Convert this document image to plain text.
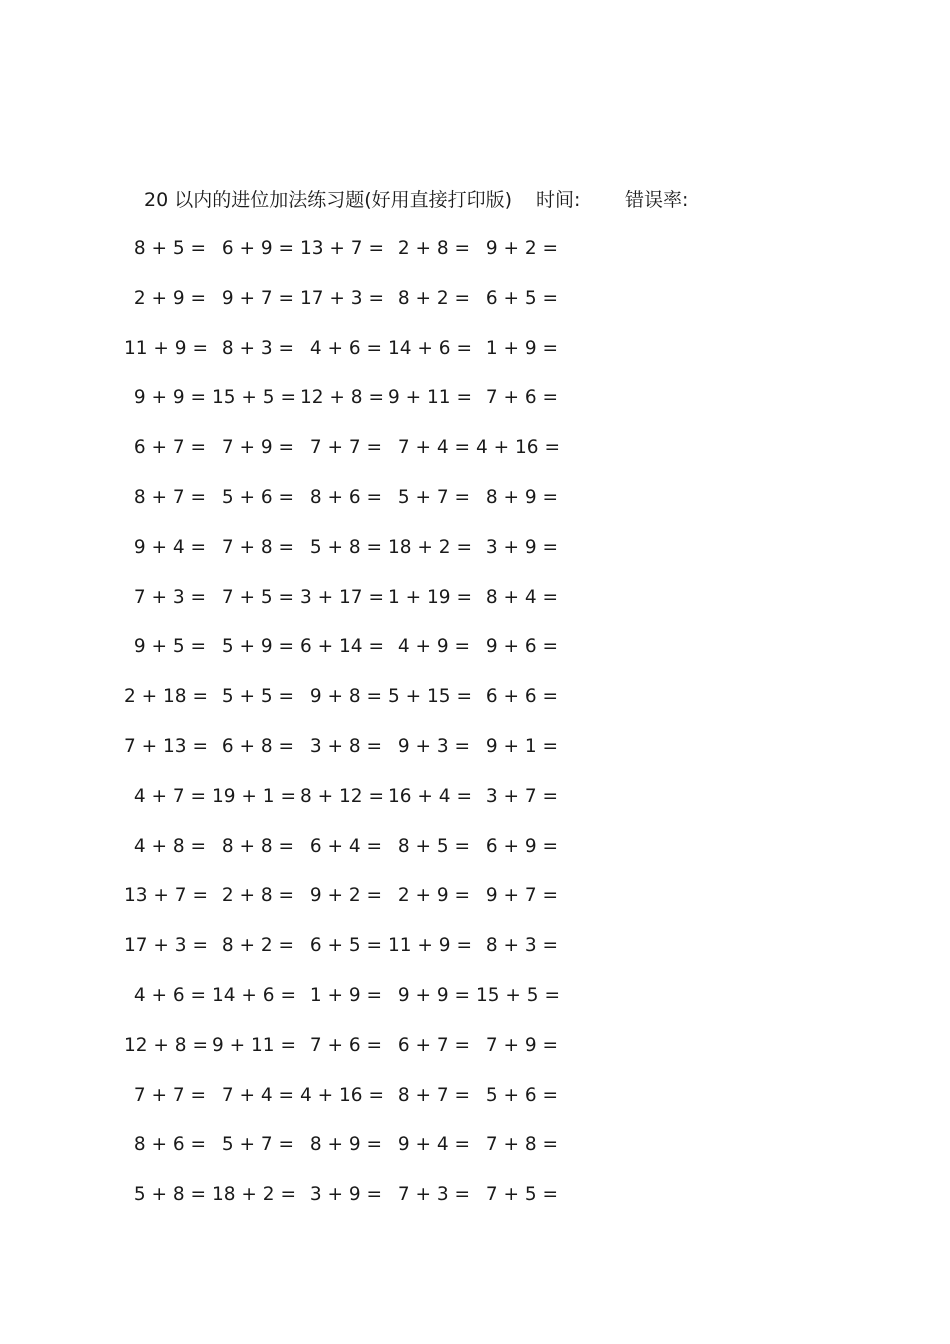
20 以内的进位加法练习题(好用直接打印版) 时间: 错误率:
8 + 5 = 6 + 9 = 13 + 7 = 2 + 8 = 9 + 2 =
2 + 9 = 9 + 7 = 17 + 3 = 8 + 2 = 6 + 5 =
11 + 9 = 8 + 3 = 4 + 6 = 14 + 6 = 1 + 9 =
9 + 9 = 15 + 5 = 12 + 8 = 9 + 11 = 7 + 6 =
6 + 7 = 7 + 9 = 7 + 7 = 7 + 4 = 4 + 16 =
8 + 7 = 5 + 6 = 8 + 6 = 5 + 7 = 8 + 9 =
9 + 4 = 7 + 8 = 5 + 8 = 18 + 2 = 3 + 9 =
7 + 3 = 7 + 5 = 3 + 17 = 1 + 19 = 8 + 4 =
9 + 5 = 5 + 9 = 6 + 14 = 4 + 9 = 9 + 6 =
2 + 18 = 5 + 5 = 9 + 8 = 5 + 15 = 6 + 6 =
7 + 13 = 6 + 8 = 3 + 8 = 9 + 3 = 9 + 1 =
4 + 7 = 19 + 1 = 8 + 12 = 16 + 4 = 3 + 7 =
4 + 8 = 8 + 8 = 6 + 4 = 8 + 5 = 6 + 9 =
13 + 7 = 2 + 8 = 9 + 2 = 2 + 9 = 9 + 7 =
17 + 3 = 8 + 2 = 6 + 5 = 11 + 9 = 8 + 3 =
4 + 6 = 14 + 6 = 1 + 9 = 9 + 9 = 15 + 5 =
12 + 8 = 9 + 11 = 7 + 6 = 6 + 7 = 7 + 9 =
7 + 7 = 7 + 4 = 4 + 16 = 8 + 7 = 5 + 6 =
8 + 6 = 5 + 7 = 8 + 9 = 9 + 4 = 7 + 8 =
5 + 8 = 18 + 2 = 3 + 9 = 7 + 3 = 7 + 5 =
